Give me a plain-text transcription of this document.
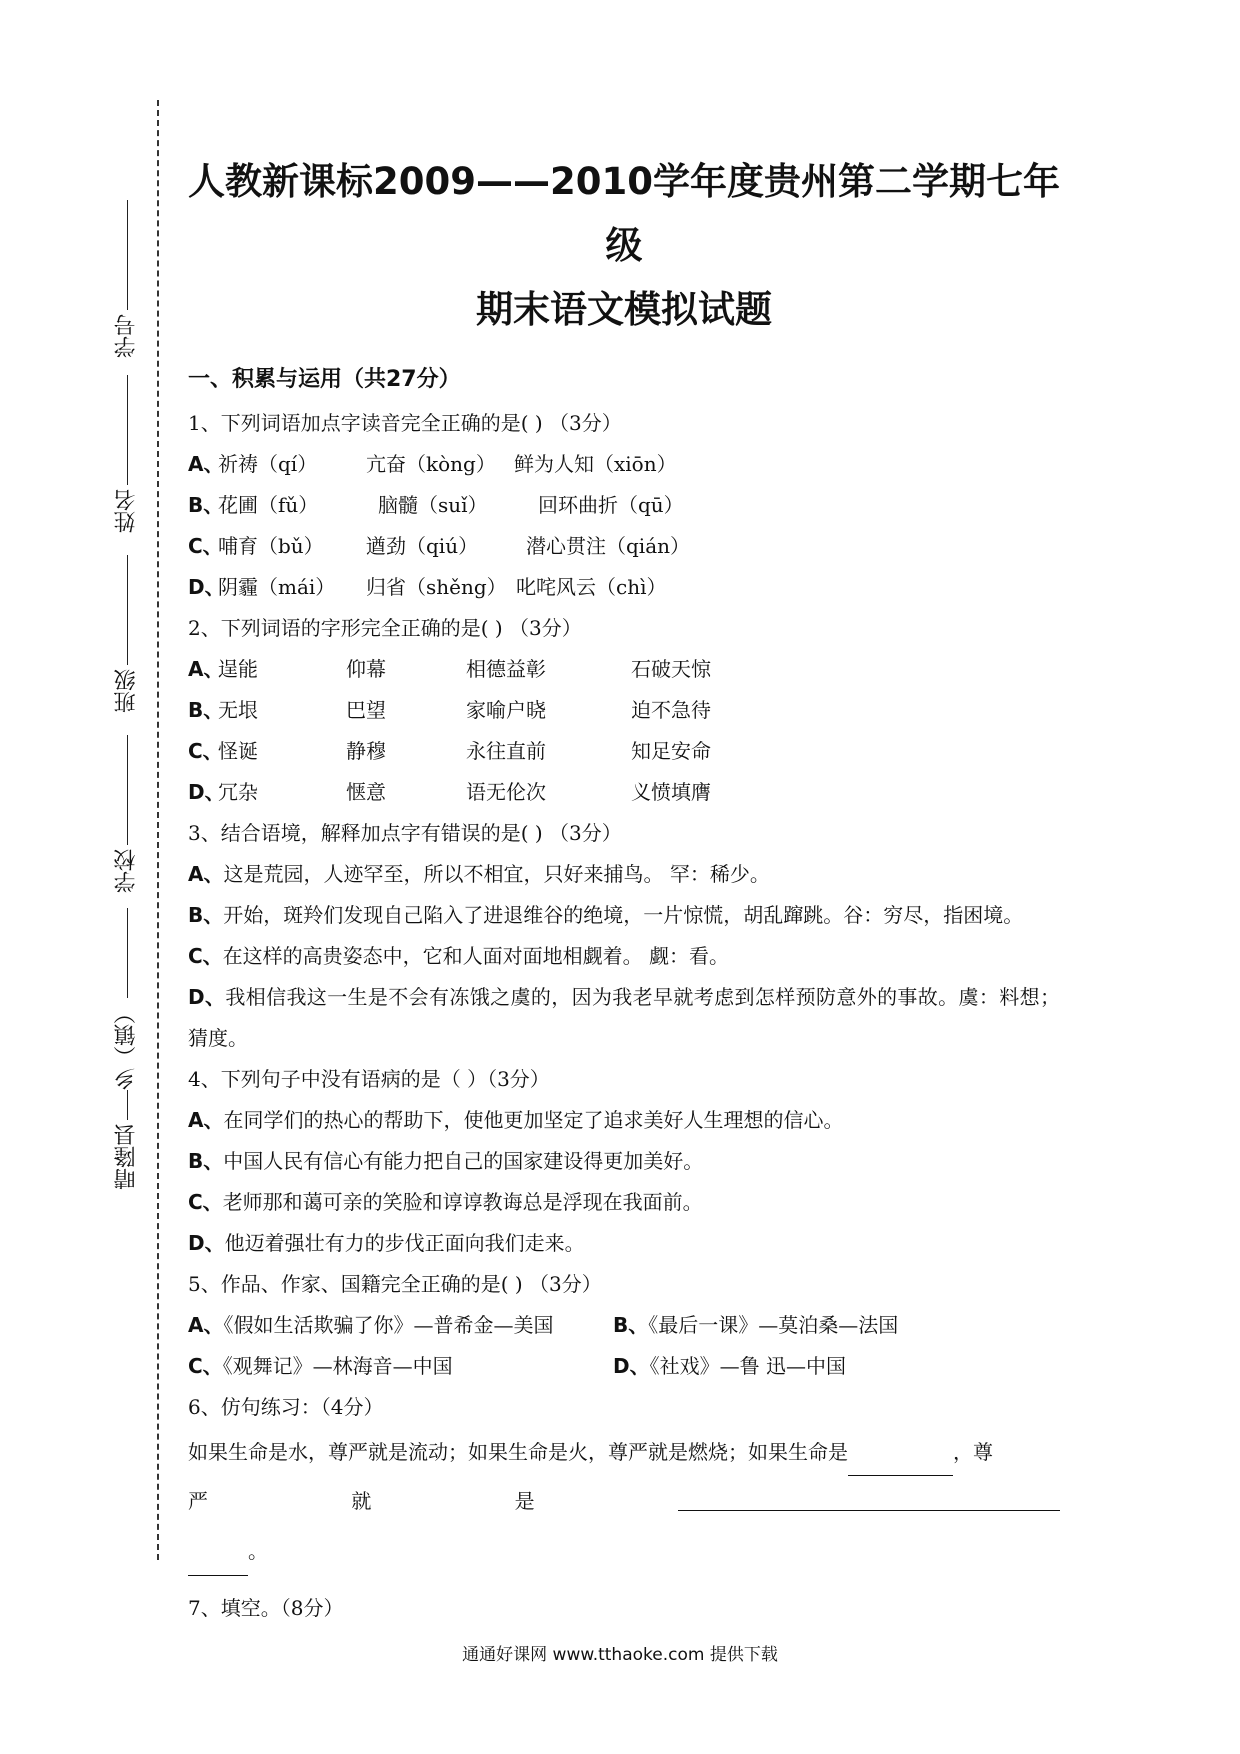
学号
姓名
班级
学校
乡（镇）
晴隆县
人教新课标2009——2010学年度贵州第二学期七年级
期末语文模拟试题
一、积累与运用（共27分）
1、下列词语加点字读音完全正确的是( ) （3分）
A、
祈祷（qí）	亢奋（kòng） 鲜为人知（xiōn）
B、
花圃（fǔ）	脑髓（suǐ）	回环曲折（qū）
C、
哺育（bǔ）	遒劲（qiú）	潜心贯注（qián）
D、
阴霾（mái）	归省（shěng） 叱咤风云（chì）
2、下列词语的字形完全正确的是( ) （3分）
A、
逞能	仰幕	相德益彰	石破天惊
B、
无垠	巴望	家喻户晓	迫不急待
C、
怪诞	静穆	永往直前	知足安命
D、
冗杂	惬意	语无伦次	义愤填膺
3、结合语境，解释加点字有错误的是( ) （3分）
A、这是荒园，人迹罕至，所以不相宜，只好来捕鸟。 罕：稀少。
B、开始，斑羚们发现自己陷入了进退维谷的绝境，一片惊慌，胡乱蹿跳。谷：穷尽，指困境。
C、在这样的高贵姿态中，它和人面对面地相觑着。 觑：看。
D、我相信我这一生是不会有冻饿之虞的，因为我老早就考虑到怎样预防意外的事故。虞：料想；猜度。
4、下列句子中没有语病的是（ ）（3分）
A、在同学们的热心的帮助下，使他更加坚定了追求美好人生理想的信心。
B、中国人民有信心有能力把自己的国家建设得更加美好。
C、老师那和蔼可亲的笑脸和谆谆教诲总是浮现在我面前。
D、他迈着强壮有力的步伐正面向我们走来。
5、作品、作家、国籍完全正确的是( ) （3分）
A、《假如生活欺骗了你》—普希金—美国	B、《最后一课》—莫泊桑—法国
C、《观舞记》—林海音—中国	D、《社戏》—鲁 迅—中国
6、仿句练习：（4分）
如果生命是水，尊严就是流动；如果生命是火，尊严就是燃烧；如果生命是	，尊
严	就	是
。
7、填空。（8分）
通通好课网 www.tthaoke.com 提供下载
